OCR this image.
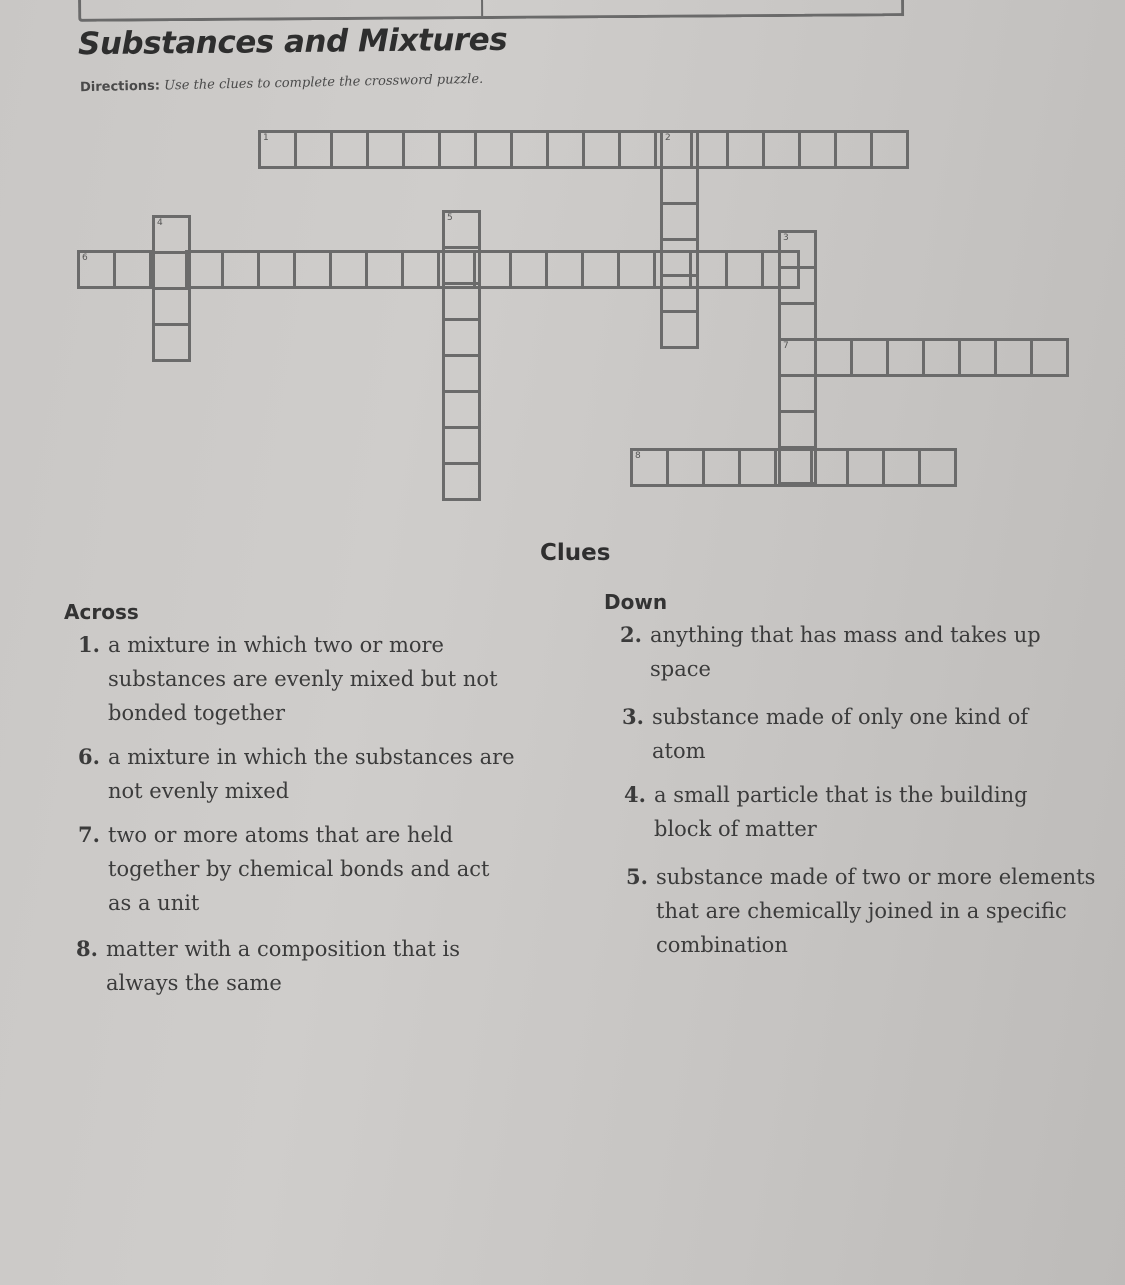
Substances and Mixtures
Directions: Use the clues to complete the crossword puzzle.
1	2
3
7
4	5
6
8
Clues
Across	Down
1. a mixture in which two or more substances are evenly mixed but not bonded together
6. a mixture in which the substances are not evenly mixed
7. two or more atoms that are held together by chemical bonds and act as a unit
8. matter with a composition that is always the same
2. anything that has mass and takes up space
3. substance made of only one kind of atom
4. a small particle that is the building block of matter
5. substance made of two or more elements that are chemically joined in a specific combination
